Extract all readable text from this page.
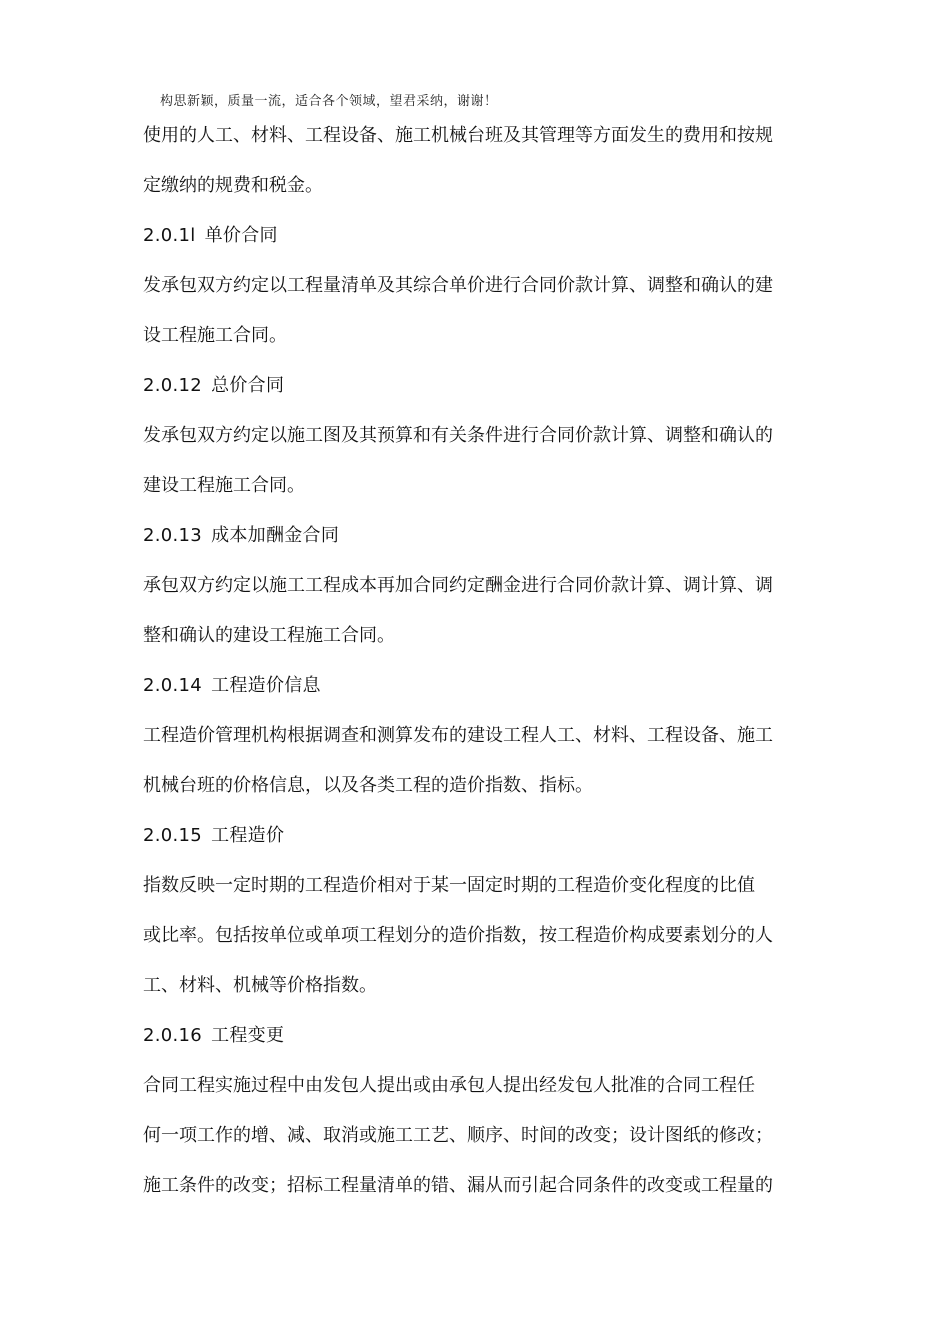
构思新颖，质量一流，适合各个领域，望君采纳，谢谢！
使用的人工、材料、工程设备、施工机械台班及其管理等方面发生的费用和按规
定缴纳的规费和税金。
2.0.1l 单价合同
发承包双方约定以工程量清单及其综合单价进行合同价款计算、调整和确认的建
设工程施工合同。
2.0.12 总价合同
发承包双方约定以施工图及其预算和有关条件进行合同价款计算、调整和确认的
建设工程施工合同。
2.0.13 成本加酬金合同
承包双方约定以施工工程成本再加合同约定酬金进行合同价款计算、调计算、调
整和确认的建设工程施工合同。
2.0.14 工程造价信息
工程造价管理机构根据调查和测算发布的建设工程人工、材料、工程设备、施工
机械台班的价格信息，以及各类工程的造价指数、指标。
2.0.15 工程造价
指数反映一定时期的工程造价相对于某一固定时期的工程造价变化程度的比值
或比率。包括按单位或单项工程划分的造价指数，按工程造价构成要素划分的人
工、材料、机械等价格指数。
2.0.16 工程变更
合同工程实施过程中由发包人提出或由承包人提出经发包人批准的合同工程任
何一项工作的增、减、取消或施工工艺、顺序、时间的改变；设计图纸的修改；
施工条件的改变；招标工程量清单的错、漏从而引起合同条件的改变或工程量的
